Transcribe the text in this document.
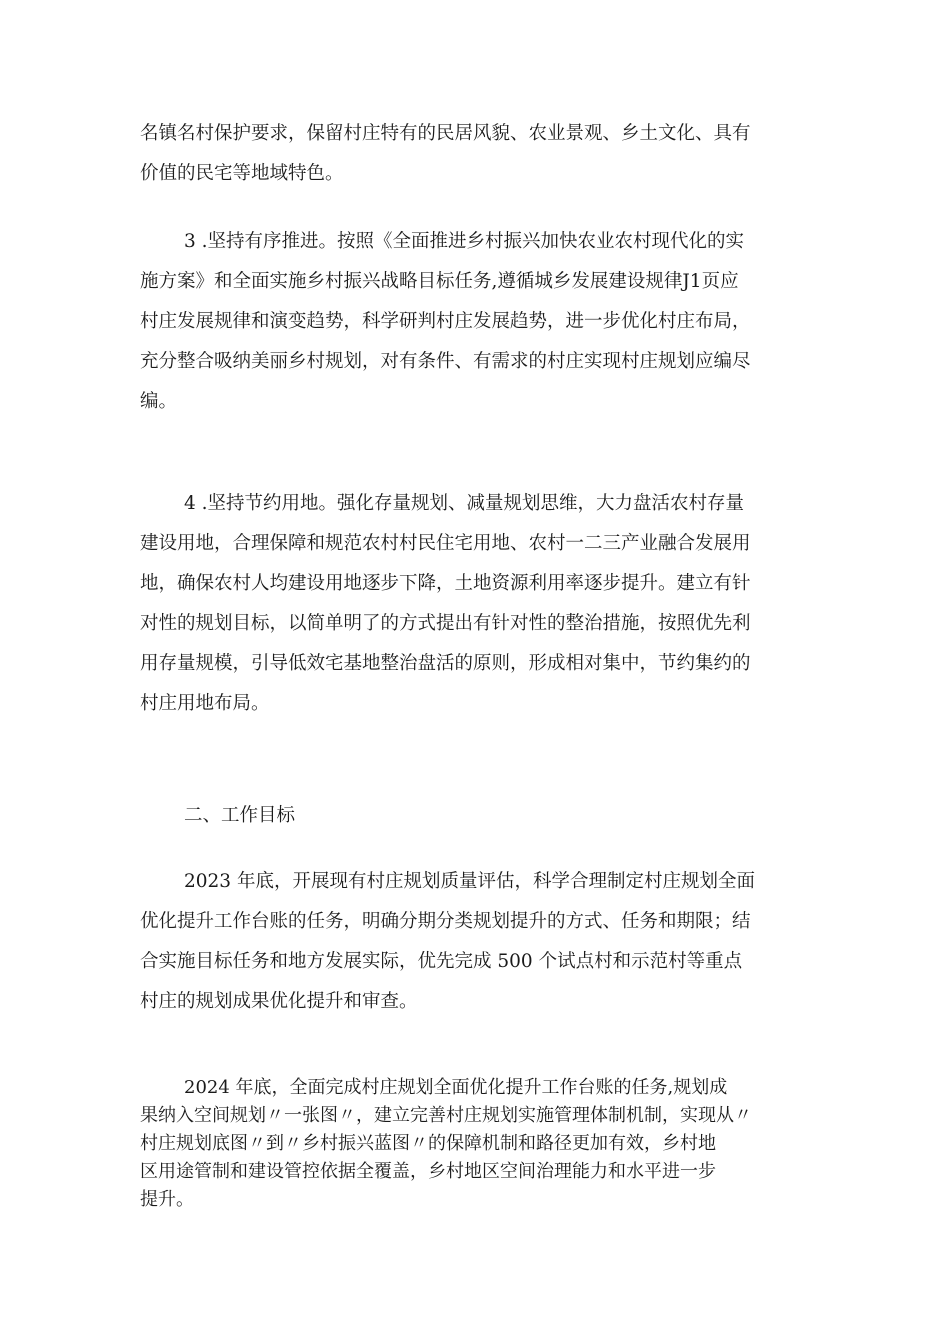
名镇名村保护要求，保留村庄特有的民居风貌、农业景观、乡土文化、具有
价值的民宅等地域特色。
3 .坚持有序推进。按照《全面推进乡村振兴加快农业农村现代化的实
施方案》和全面实施乡村振兴战略目标任务,遵循城乡发展建设规律J1页应
村庄发展规律和演变趋势，科学研判村庄发展趋势，进一步优化村庄布局，
充分整合吸纳美丽乡村规划，对有条件、有需求的村庄实现村庄规划应编尽
编。
4 .坚持节约用地。强化存量规划、减量规划思维，大力盘活农村存量
建设用地，合理保障和规范农村村民住宅用地、农村一二三产业融合发展用
地，确保农村人均建设用地逐步下降，土地资源利用率逐步提升。建立有针
对性的规划目标，以简单明了的方式提出有针对性的整治措施，按照优先利
用存量规模，引导低效宅基地整治盘活的原则，形成相对集中，节约集约的
村庄用地布局。
二、工作目标
2023 年底，开展现有村庄规划质量评估，科学合理制定村庄规划全面
优化提升工作台账的任务，明确分期分类规划提升的方式、任务和期限；结
合实施目标任务和地方发展实际，优先完成 500 个试点村和示范村等重点
村庄的规划成果优化提升和审查。
2024 年底，全面完成村庄规划全面优化提升工作台账的任务,规划成
果纳入空间规划〃一张图〃，建立完善村庄规划实施管理体制机制，实现从〃
村庄规划底图〃到〃乡村振兴蓝图〃的保障机制和路径更加有效，乡村地
区用途管制和建设管控依据全覆盖，乡村地区空间治理能力和水平进一步
提升。
